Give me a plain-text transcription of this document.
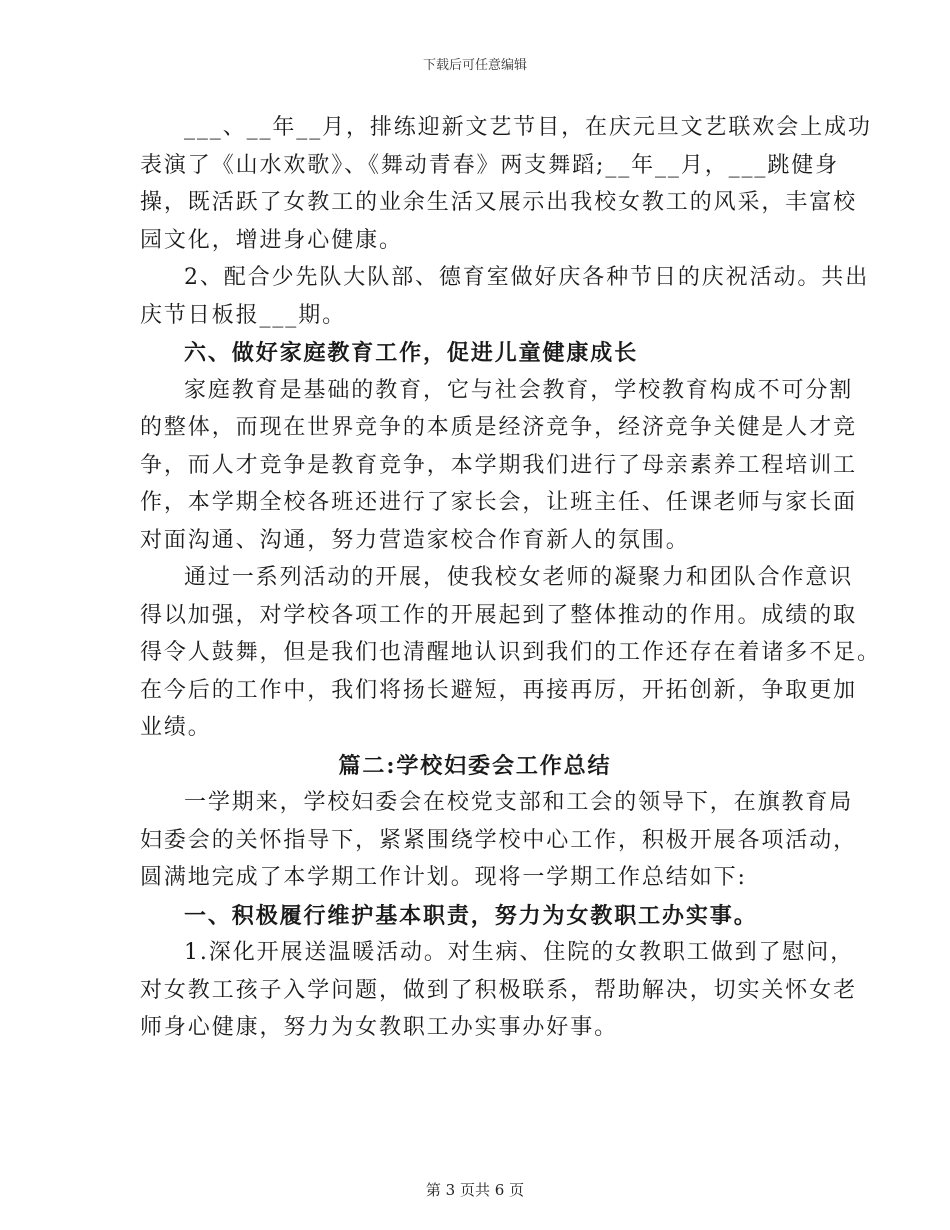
下载后可任意编辑
___、__年__月，排练迎新文艺节目，在庆元旦文艺联欢会上成功
表演了《山水欢歌》、《舞动青春》两支舞蹈;__年__月，___跳健身
操，既活跃了女教工的业余生活又展示出我校女教工的风采，丰富校
园文化，增进身心健康。
2、配合少先队大队部、德育室做好庆各种节日的庆祝活动。共出
庆节日板报___期。
六、做好家庭教育工作，促进儿童健康成长
家庭教育是基础的教育，它与社会教育，学校教育构成不可分割
的整体，而现在世界竞争的本质是经济竞争，经济竞争关健是人才竞
争，而人才竞争是教育竞争，本学期我们进行了母亲素养工程培训工
作，本学期全校各班还进行了家长会，让班主任、任课老师与家长面
对面沟通、沟通，努力营造家校合作育新人的氛围。
通过一系列活动的开展，使我校女老师的凝聚力和团队合作意识
得以加强，对学校各项工作的开展起到了整体推动的作用。成绩的取
得令人鼓舞，但是我们也清醒地认识到我们的工作还存在着诸多不足。
在今后的工作中，我们将扬长避短，再接再厉，开拓创新，争取更加
业绩。
篇二:学校妇委会工作总结
一学期来，学校妇委会在校党支部和工会的领导下，在旗教育局
妇委会的关怀指导下，紧紧围绕学校中心工作，积极开展各项活动，
圆满地完成了本学期工作计划。现将一学期工作总结如下:
一、积极履行维护基本职责，努力为女教职工办实事。
1.深化开展送温暖活动。对生病、住院的女教职工做到了慰问，
对女教工孩子入学问题，做到了积极联系，帮助解决，切实关怀女老
师身心健康，努力为女教职工办实事办好事。
第 3 页共 6 页
